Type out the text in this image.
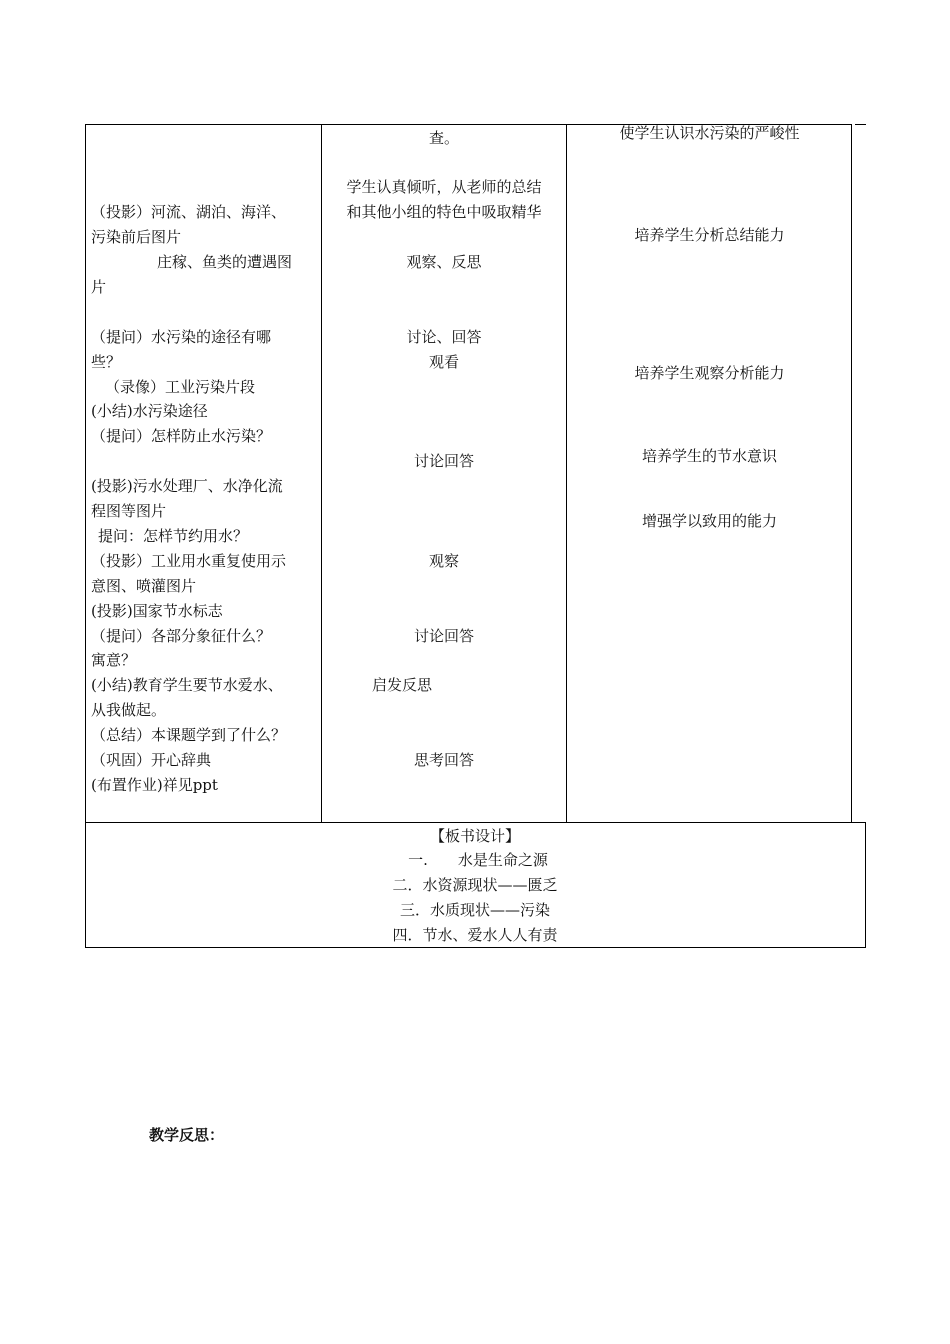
（投影）河流、湖泊、海洋、
污染前后图片
庄稼、鱼类的遭遇图
片
（提问）水污染的途径有哪
些？
（录像）工业污染片段
(小结)水污染途径
（提问）怎样防止水污染？
(投影)污水处理厂、水净化流
程图等图片
提问：怎样节约用水？
（投影）工业用水重复使用示
意图、喷灌图片
(投影)国家节水标志
（提问）各部分象征什么？
寓意？
(小结)教育学生要节水爱水、
从我做起。
（总结）本课题学到了什么？
（巩固）开心辞典
(布置作业)祥见ppt
查。
学生认真倾听，从老师的总结
和其他小组的特色中吸取精华
观察、反思
讨论、回答
观看
讨论回答
观察
讨论回答
启发反思
思考回答
使学生认识水污染的严峻性
培养学生分析总结能力
培养学生观察分析能力
培养学生的节水意识
增强学以致用的能力
【板书设计】
一.　　水是生命之源
二．水资源现状——匮乏
三．水质现状——污染
四．节水、爱水人人有责
教学反思：
